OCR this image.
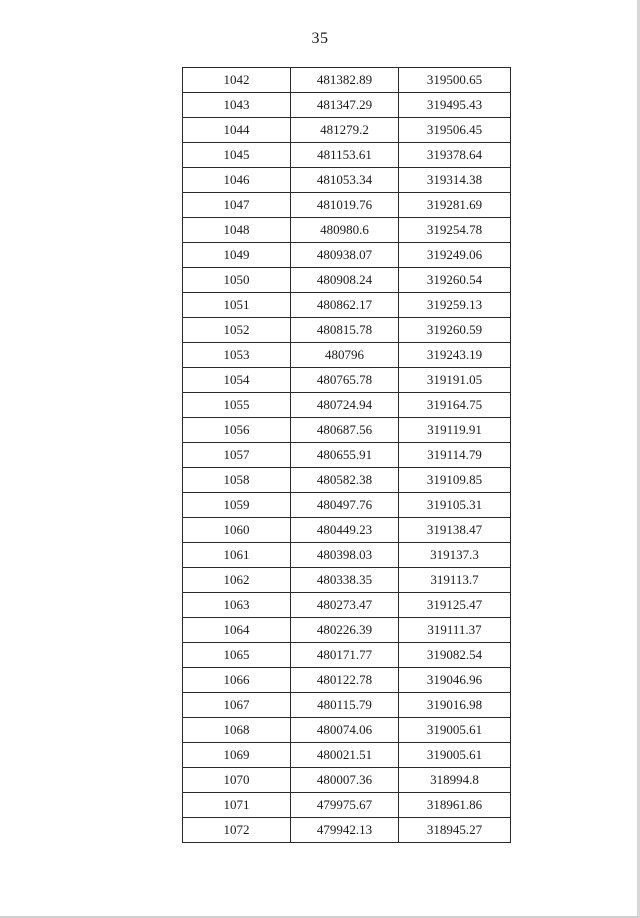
35
1042	481382.89	319500.65
1043	481347.29	319495.43
1044	481279.2	319506.45
1045	481153.61	319378.64
1046	481053.34	319314.38
1047	481019.76	319281.69
1048	480980.6	319254.78
1049	480938.07	319249.06
1050	480908.24	319260.54
1051	480862.17	319259.13
1052	480815.78	319260.59
1053	480796	319243.19
1054	480765.78	319191.05
1055	480724.94	319164.75
1056	480687.56	319119.91
1057	480655.91	319114.79
1058	480582.38	319109.85
1059	480497.76	319105.31
1060	480449.23	319138.47
1061	480398.03	319137.3
1062	480338.35	319113.7
1063	480273.47	319125.47
1064	480226.39	319111.37
1065	480171.77	319082.54
1066	480122.78	319046.96
1067	480115.79	319016.98
1068	480074.06	319005.61
1069	480021.51	319005.61
1070	480007.36	318994.8
1071	479975.67	318961.86
1072	479942.13	318945.27
